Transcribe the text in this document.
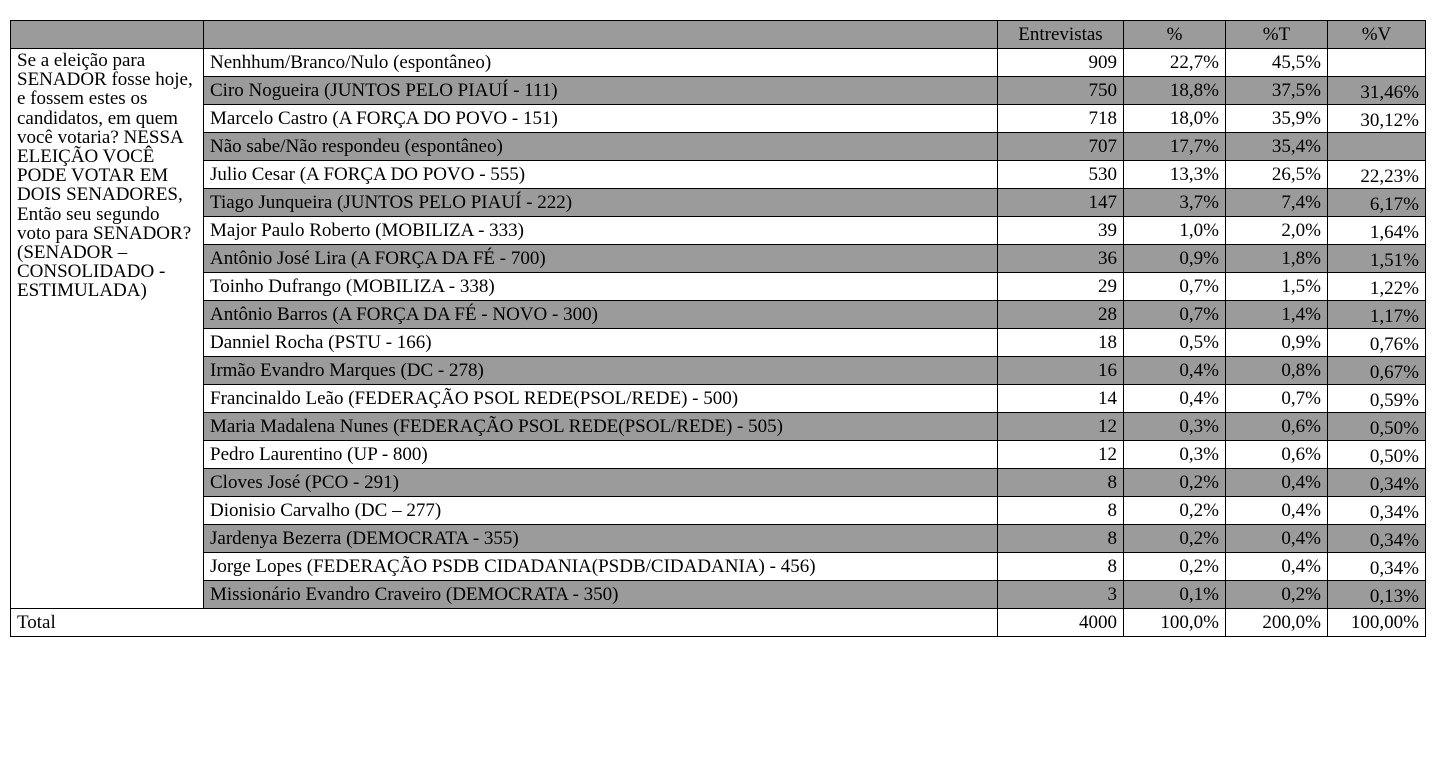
		Entrevistas	%	%T	%V
Se a eleição para SENADOR fosse hoje, e fossem estes os candidatos, em quem você votaria? NESSA ELEIÇÃO VOCÊ PODE VOTAR EM DOIS SENADORES, Então seu segundo voto para SENADOR? (SENADOR – CONSOLIDADO -ESTIMULADA)	Nenhhum/Branco/Nulo (espontâneo)	909	22,7%	45,5%	
	Ciro Nogueira (JUNTOS PELO PIAUÍ - 111)	750	18,8%	37,5%	31,46%
	Marcelo Castro (A FORÇA DO POVO - 151)	718	18,0%	35,9%	30,12%
	Não sabe/Não respondeu (espontâneo)	707	17,7%	35,4%	
	Julio Cesar (A FORÇA DO POVO - 555)	530	13,3%	26,5%	22,23%
	Tiago Junqueira (JUNTOS PELO PIAUÍ - 222)	147	3,7%	7,4%	6,17%
	Major Paulo Roberto (MOBILIZA - 333)	39	1,0%	2,0%	1,64%
	Antônio José Lira (A FORÇA DA FÉ - 700)	36	0,9%	1,8%	1,51%
	Toinho Dufrango (MOBILIZA - 338)	29	0,7%	1,5%	1,22%
	Antônio Barros (A FORÇA DA FÉ - NOVO - 300)	28	0,7%	1,4%	1,17%
	Danniel Rocha (PSTU - 166)	18	0,5%	0,9%	0,76%
	Irmão Evandro Marques (DC - 278)	16	0,4%	0,8%	0,67%
	Francinaldo Leão (FEDERAÇÃO PSOL REDE(PSOL/REDE) - 500)	14	0,4%	0,7%	0,59%
	Maria Madalena Nunes (FEDERAÇÃO PSOL REDE(PSOL/REDE) - 505)	12	0,3%	0,6%	0,50%
	Pedro Laurentino (UP - 800)	12	0,3%	0,6%	0,50%
	Cloves José (PCO - 291)	8	0,2%	0,4%	0,34%
	Dionisio Carvalho (DC – 277)	8	0,2%	0,4%	0,34%
	Jardenya Bezerra (DEMOCRATA - 355)	8	0,2%	0,4%	0,34%
	Jorge Lopes (FEDERAÇÃO PSDB CIDADANIA(PSDB/CIDADANIA) - 456)	8	0,2%	0,4%	0,34%
	Missionário Evandro Craveiro (DEMOCRATA - 350)	3	0,1%	0,2%	0,13%
Total		4000	100,0%	200,0%	100,00%
